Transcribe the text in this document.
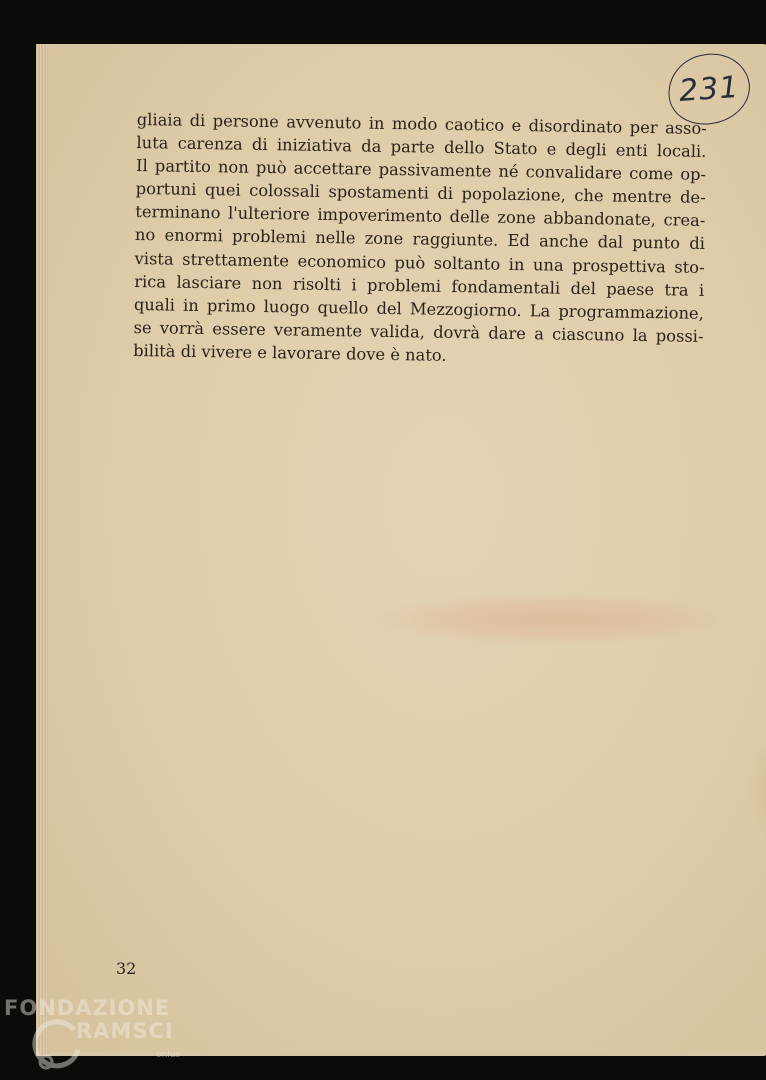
231

gliaia di persone avvenuto in modo caotico e disordinato per asso-
luta carenza di iniziativa da parte dello Stato e degli enti locali.
Il partito non può accettare passivamente né convalidare come op-
portuni quei colossali spostamenti di popolazione, che mentre de-
terminano l'ulteriore impoverimento delle zone abbandonate, crea-
no enormi problemi nelle zone raggiunte. Ed anche dal punto di
vista strettamente economico può soltanto in una prospettiva sto-
rica lasciare non risolti i problemi fondamentali del paese tra i
quali in primo luogo quello del Mezzogiorno. La programmazione,
se vorrà essere veramente valida, dovrà dare a ciascuno la possi-
bilità di vivere e lavorare dove è nato.

32
FONDAZIONE
RAMSCI
onlus
